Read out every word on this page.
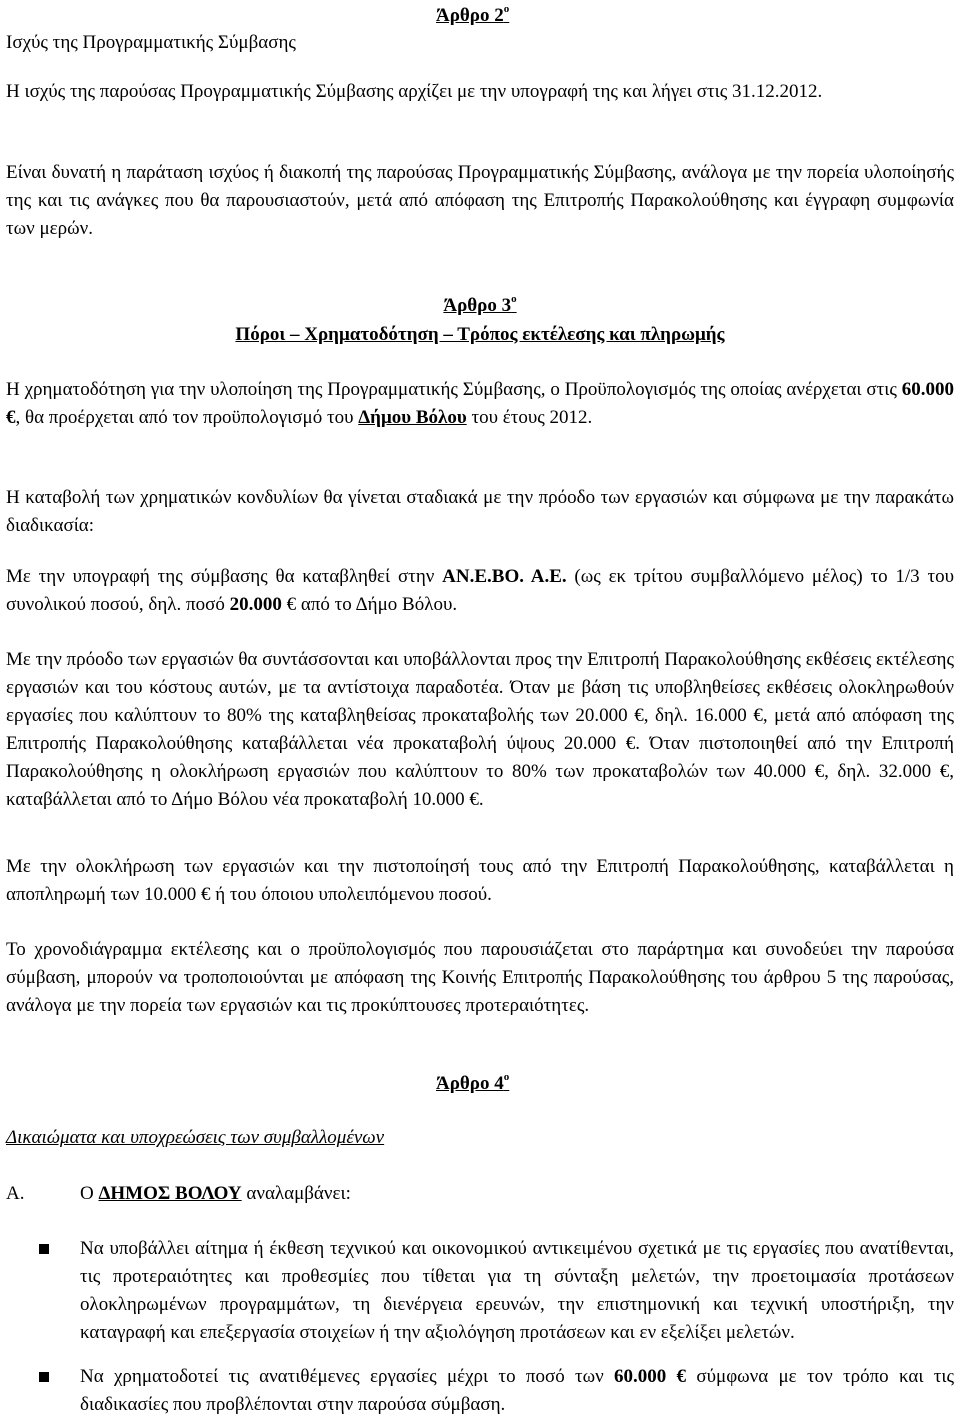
Ισχύς της Προγραμματικής Σύμβασης
Άρθρο $2^o$
Η ισχύς της παρούσας Προγραμματικής Σύμβασης αρχίζει με την υπογραφή της και λήγει στις 31.12.2012.
Είναι δυνατή η παράταση ισχύος ή διακοπή της παρούσας Προγραμματικής Σύμβασης, ανάλογα με την πορεία υλοποίησής της και τις ανάγκες που θα παρουσιαστούν, μετά από απόφαση της Επιτροπής Παρακολούθησης και έγγραφη συμφωνία των μερών.
Άρθρο $3^o$
Πόροι – Χρηματοδότηση – Τρόπος εκτέλεσης και πληρωμής
Η χρηματοδότηση για την υλοποίηση της Προγραμματικής Σύμβασης, ο Προϋπολογισμός της οποίας ανέρχεται στις 60.000 €, θα προέρχεται από τον προϋπολογισμό του Δήμου Βόλου του έτους 2012.
Η καταβολή των χρηματικών κονδυλίων θα γίνεται σταδιακά με την πρόοδο των εργασιών και σύμφωνα με την παρακάτω διαδικασία:
Με την υπογραφή της σύμβασης θα καταβληθεί στην ΑΝ.Ε.ΒΟ. Α.Ε. (ως εκ τρίτου συμβαλλόμενο μέλος) το 1/3 του συνολικού ποσού, δηλ. ποσό 20.000 € από το Δήμο Βόλου.
Με την πρόοδο των εργασιών θα συντάσσονται και υποβάλλονται προς την Επιτροπή Παρακολούθησης εκθέσεις εκτέλεσης εργασιών και του κόστους αυτών, με τα αντίστοιχα παραδοτέα. Όταν με βάση τις υποβληθείσες εκθέσεις ολοκληρωθούν εργασίες που καλύπτουν το 80% της καταβληθείσας προκαταβολής των 20.000 €, δηλ. 16.000 €, μετά από απόφαση της Επιτροπής Παρακολούθησης καταβάλλεται νέα προκαταβολή ύψους 20.000 €. Όταν πιστοποιηθεί από την Επιτροπή Παρακολούθησης η ολοκλήρωση εργασιών που καλύπτουν το 80% των προκαταβολών των 40.000 €, δηλ. 32.000 €, καταβάλλεται από το Δήμο Βόλου νέα προκαταβολή 10.000 €.
Με την ολοκλήρωση των εργασιών και την πιστοποίησή τους από την Επιτροπή Παρακολούθησης, καταβάλλεται η αποπληρωμή των 10.000 € ή του όποιου υπολειπόμενου ποσού.
Το χρονοδιάγραμμα εκτέλεσης και ο προϋπολογισμός που παρουσιάζεται στο παράρτημα και συνοδεύει την παρούσα σύμβαση, μπορούν να τροποποιούνται με απόφαση της Κοινής Επιτροπής Παρακολούθησης του άρθρου 5 της παρούσας, ανάλογα με την πορεία των εργασιών και τις προκύπτουσες προτεραιότητες.
Άρθρο $4^o$
Δικαιώματα και υποχρεώσεις των συμβαλλομένων
Α.	Ο ΔΗΜΟΣ ΒΟΛΟΥ αναλαμβάνει:
Να υποβάλλει αίτημα ή έκθεση τεχνικού και οικονομικού αντικειμένου σχετικά με τις εργασίες που ανατίθενται, τις προτεραιότητες και προθεσμίες που τίθεται για τη σύνταξη μελετών, την προετοιμασία προτάσεων ολοκληρωμένων προγραμμάτων, τη διενέργεια ερευνών, την επιστημονική και τεχνική υποστήριξη, την καταγραφή και επεξεργασία στοιχείων ή την αξιολόγηση προτάσεων και εν εξελίξει μελετών.
Να χρηματοδοτεί τις ανατιθέμενες εργασίες μέχρι το ποσό των 60.000 € σύμφωνα με τον τρόπο και τις διαδικασίες που προβλέπονται στην παρούσα σύμβαση.
